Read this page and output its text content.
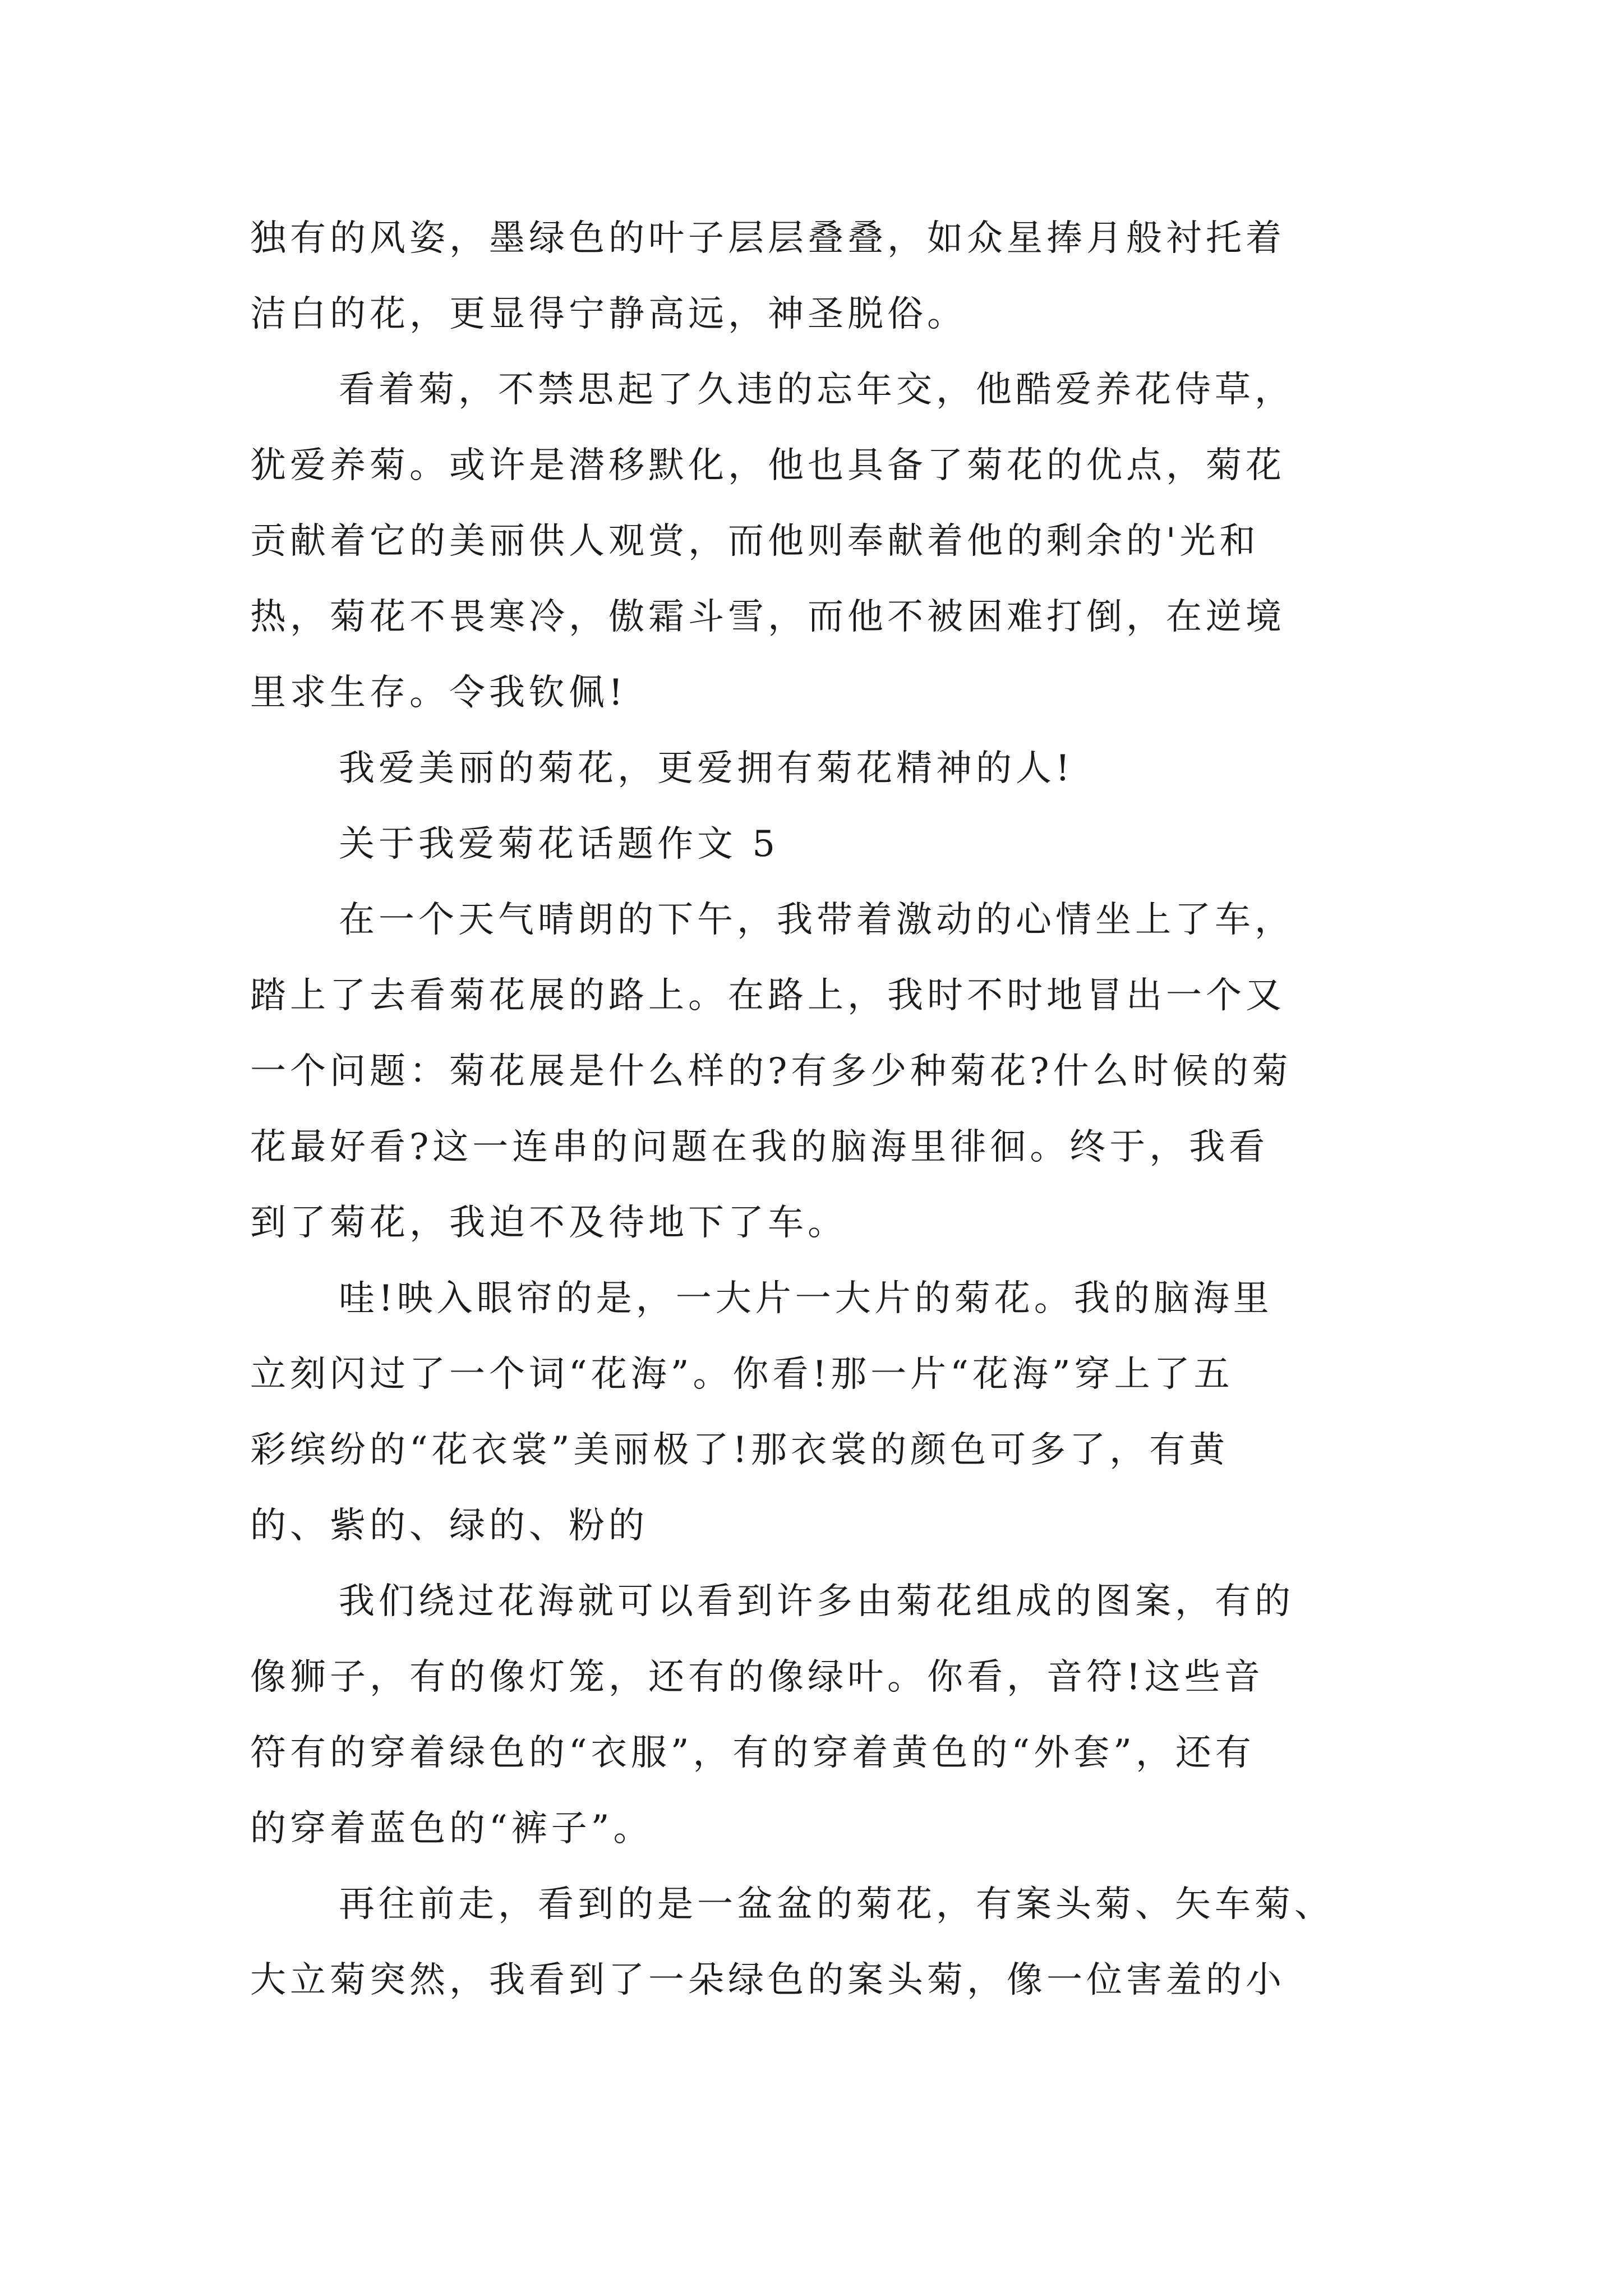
独有的风姿，墨绿色的叶子层层叠叠，如众星捧月般衬托着
洁白的花，更显得宁静高远，神圣脱俗。
看着菊，不禁思起了久违的忘年交，他酷爱养花侍草，
犹爱养菊。或许是潜移默化，他也具备了菊花的优点，菊花
贡献着它的美丽供人观赏，而他则奉献着他的剩余的'光和
热，菊花不畏寒冷，傲霜斗雪，而他不被困难打倒，在逆境
里求生存。令我钦佩!
我爱美丽的菊花，更爱拥有菊花精神的人!
关于我爱菊花话题作文 5
在一个天气晴朗的下午，我带着激动的心情坐上了车，
踏上了去看菊花展的路上。在路上，我时不时地冒出一个又
一个问题：菊花展是什么样的?有多少种菊花?什么时候的菊
花最好看?这一连串的问题在我的脑海里徘徊。终于，我看
到了菊花，我迫不及待地下了车。
哇!映入眼帘的是，一大片一大片的菊花。我的脑海里
立刻闪过了一个词“花海”。你看!那一片“花海”穿上了五
彩缤纷的“花衣裳”美丽极了!那衣裳的颜色可多了，有黄
的、紫的、绿的、粉的
我们绕过花海就可以看到许多由菊花组成的图案，有的
像狮子，有的像灯笼，还有的像绿叶。你看，音符!这些音
符有的穿着绿色的“衣服”，有的穿着黄色的“外套”，还有
的穿着蓝色的“裤子”。
再往前走，看到的是一盆盆的菊花，有案头菊、矢车菊、
大立菊突然，我看到了一朵绿色的案头菊，像一位害羞的小
